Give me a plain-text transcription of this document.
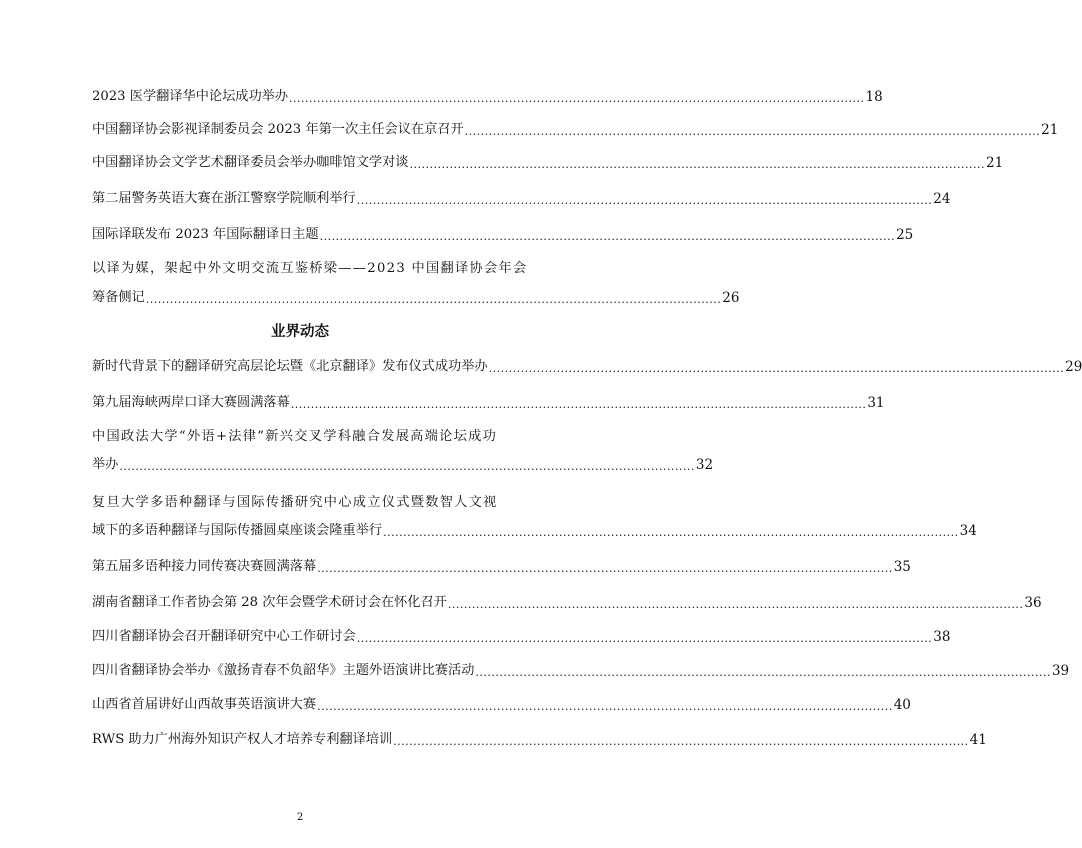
2023 医学翻译华中论坛成功举办 ................................................................................................................................................ 18
中国翻译协会影视译制委员会 2023 年第一次主任会议在京召开 ................................................................................................................................................ 21
中国翻译协会文学艺术翻译委员会举办咖啡馆文学对谈 ................................................................................................................................................ 21
第二届警务英语大赛在浙江警察学院顺利举行 ................................................................................................................................................ 24
国际译联发布 2023 年国际翻译日主题 ................................................................................................................................................ 25
以译为媒，架起中外文明交流互鉴桥梁——2023 中国翻译协会年会
筹备侧记 ................................................................................................................................................ 26
业界动态
新时代背景下的翻译研究高层论坛暨《北京翻译》发布仪式成功举办 ................................................................................................................................................ 29
第九届海峡两岸口译大赛圆满落幕 ................................................................................................................................................ 31
中国政法大学“外语+法律”新兴交叉学科融合发展高端论坛成功
举办 ................................................................................................................................................ 32
复旦大学多语种翻译与国际传播研究中心成立仪式暨数智人文视
域下的多语种翻译与国际传播圆桌座谈会隆重举行 ................................................................................................................................................ 34
第五届多语种接力同传赛决赛圆满落幕 ................................................................................................................................................ 35
湖南省翻译工作者协会第 28 次年会暨学术研讨会在怀化召开 ................................................................................................................................................ 36
四川省翻译协会召开翻译研究中心工作研讨会 ................................................................................................................................................ 38
四川省翻译协会举办《激扬青春不负韶华》主题外语演讲比赛活动 ................................................................................................................................................ 39
山西省首届讲好山西故事英语演讲大赛 ................................................................................................................................................ 40
RWS 助力广州海外知识产权人才培养专利翻译培训 ................................................................................................................................................ 41
2
